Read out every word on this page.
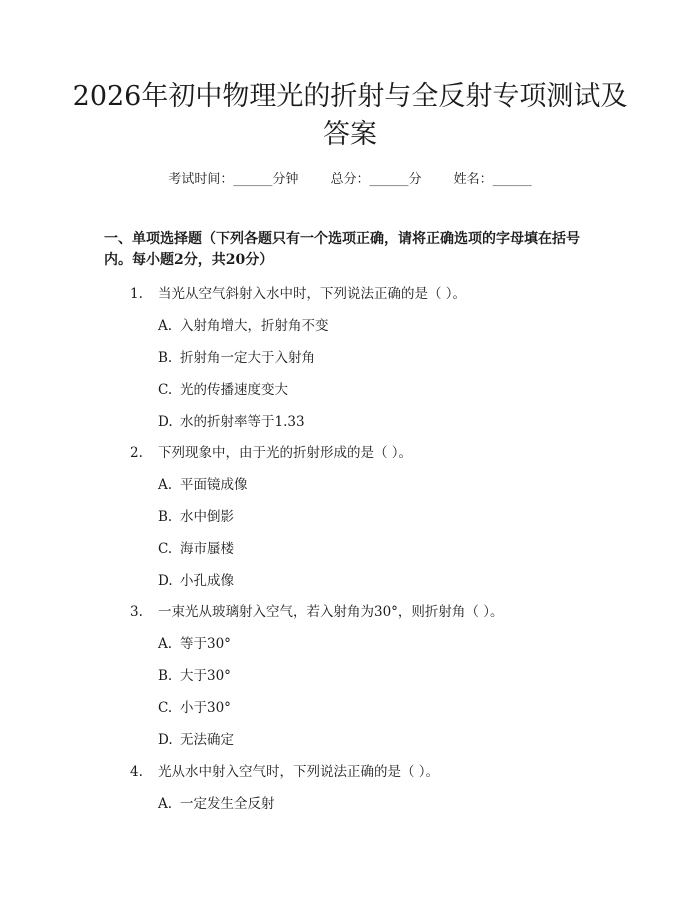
2026年初中物理光的折射与全反射专项测试及答案
考试时间：______分钟 总分：______分 姓名：______
一、单项选择题（下列各题只有一个选项正确，请将正确选项的字母填在括号内。每小题2分，共20分）
1. 当光从空气斜射入水中时，下列说法正确的是（ ）。
A. 入射角增大，折射角不变
B. 折射角一定大于入射角
C. 光的传播速度变大
D. 水的折射率等于1.33
2. 下列现象中，由于光的折射形成的是（ ）。
A. 平面镜成像
B. 水中倒影
C. 海市蜃楼
D. 小孔成像
3. 一束光从玻璃射入空气，若入射角为30°，则折射角（ ）。
A. 等于30°
B. 大于30°
C. 小于30°
D. 无法确定
4. 光从水中射入空气时，下列说法正确的是（ ）。
A. 一定发生全反射
